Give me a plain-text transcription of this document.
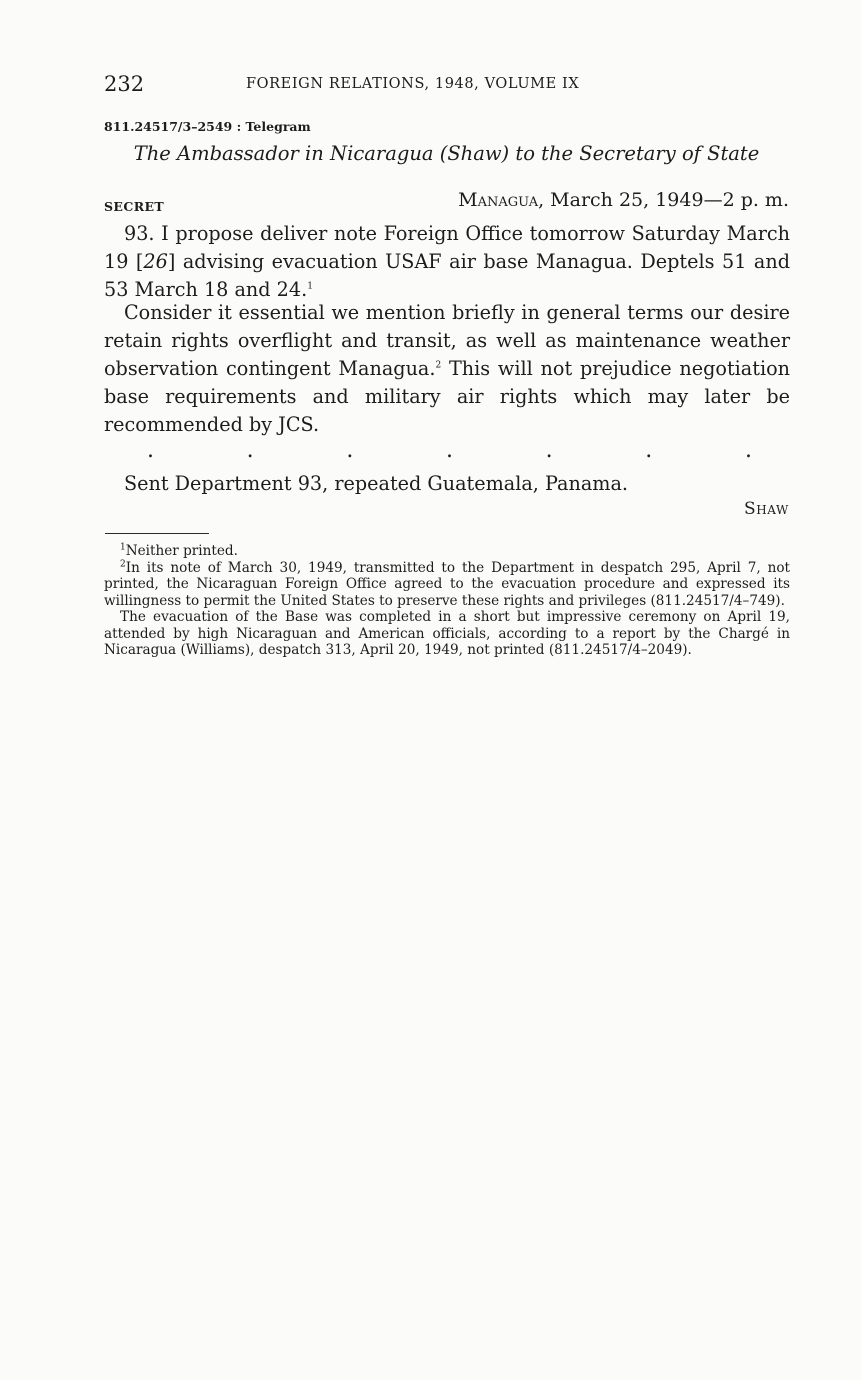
232	FOREIGN RELATIONS, 1948, VOLUME IX
811.24517/3–2549 : Telegram
The Ambassador in Nicaragua (Shaw) to the Secretary of State
SECRET	Managua, March 25, 1949—2 p. m.

93. I propose deliver note Foreign Office tomorrow Saturday March 19 [26] advising evacuation USAF air base Managua. Deptels 51 and 53 March 18 and 24.$^1$

Consider it essential we mention briefly in general terms our desire retain rights overflight and transit, as well as maintenance weather observation contingent Managua.$^2$ This will not prejudice negotiation base requirements and military air rights which may later be recommended by JCS.

.	.	.	.	.	.	.
Sent Department 93, repeated Guatemala, Panama.
Shaw

$^1$Neither printed.

$^2$In its note of March 30, 1949, transmitted to the Department in despatch 295, April 7, not printed, the Nicaraguan Foreign Office agreed to the evacuation procedure and expressed its willingness to permit the United States to preserve these rights and privileges (811.24517/4–749).

The evacuation of the Base was completed in a short but impressive ceremony on April 19, attended by high Nicaraguan and American officials, according to a report by the Chargé in Nicaragua (Williams), despatch 313, April 20, 1949, not printed (811.24517/4–2049).
